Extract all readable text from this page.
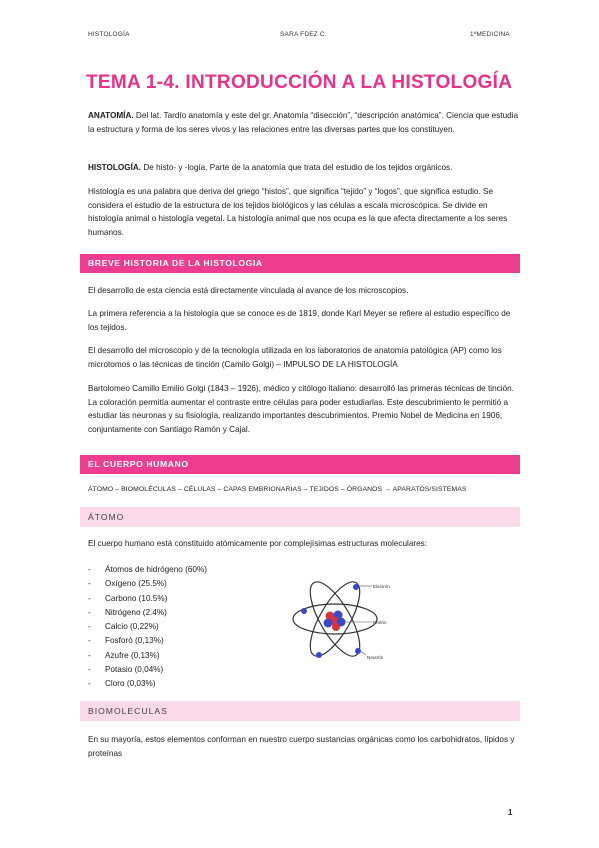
HISTOLOGÍA	SARA FDEZ C.	1ºMEDICINA
TEMA 1-4. INTRODUCCIÓN A LA HISTOLOGÍA

ANATOMÍA. Del lat. Tardío anatomía y este del gr. Anatomía “disección”, “descripción anatómica”. Ciencia que estudia la estructura y forma de los seres vivos y las relaciones entre las diversas partes que los constituyen.

HISTOLOGÍA. De histo- y -logía. Parte de la anatomía que trata del estudio de los tejidos orgánicos.

Histología es una palabra que deriva del griego “histos”, que significa “tejido” y “logos”, que significa estudio. Se considera el estudio de la estructura de los tejidos biológicos y las células a escala microscópica. Se divide en histología animal o histología vegetal. La histología animal que nos ocupa es la que afecta directamente a los seres humanos.

BREVE HISTORIA DE LA HISTOLOGIA

El desarrollo de esta ciencia está directamente vinculada al avance de los microscopios.

La primera referencia a la histología que se conoce es de 1819, donde Karl Meyer se refiere al estudio específico de los tejidos.

El desarrollo del microscopio y de la tecnología utilizada en los laboratorios de anatomía patológica (AP) como los microtomos o las técnicas de tinción (Camilo Golgi) – IMPULSO DE LA HISTOLOGÍA

Bartolomeo Camillo Emilio Golgi (1843 – 1926), médico y citólogo italiano: desarrolló las primeras técnicas de tinción. La coloración permitía aumentar el contraste entre células para poder estudiarlas. Este descubrimiento le permitió a estudiar las neuronas y su fisiología, realizando importantes descubrimientos. Premio Nobel de Medicina en 1906, conjuntamente con Santiago Ramón y Cajal.

EL CUERPO HUMANO
ÁTOMO – BIOMOLÉCULAS – CÉLULAS – CAPAS EMBRIONARIAS – TEJIDOS – ÓRGANOS → APARATOS/SISTEMAS
ÁTOMO

El cuerpo humano está constituido atómicamente por complejísimas estructuras moleculares:

- Átomos de hidrógeno (60%)
- Oxígeno (25.5%)
- Carbono (10.5%)
- Nitrógeno (2.4%)
- Calcio (0,22%)
- Fosforó (0,13%)
- Azufre (0,13%)
- Potasio (0,04%)
- Cloro (0,03%)
Electrón
Protón
Neutrón
BIOMOLECULAS

En su mayoría, estos elementos conforman en nuestro cuerpo sustancias orgánicas como los carbohidratos, lípidos y proteínas

1
